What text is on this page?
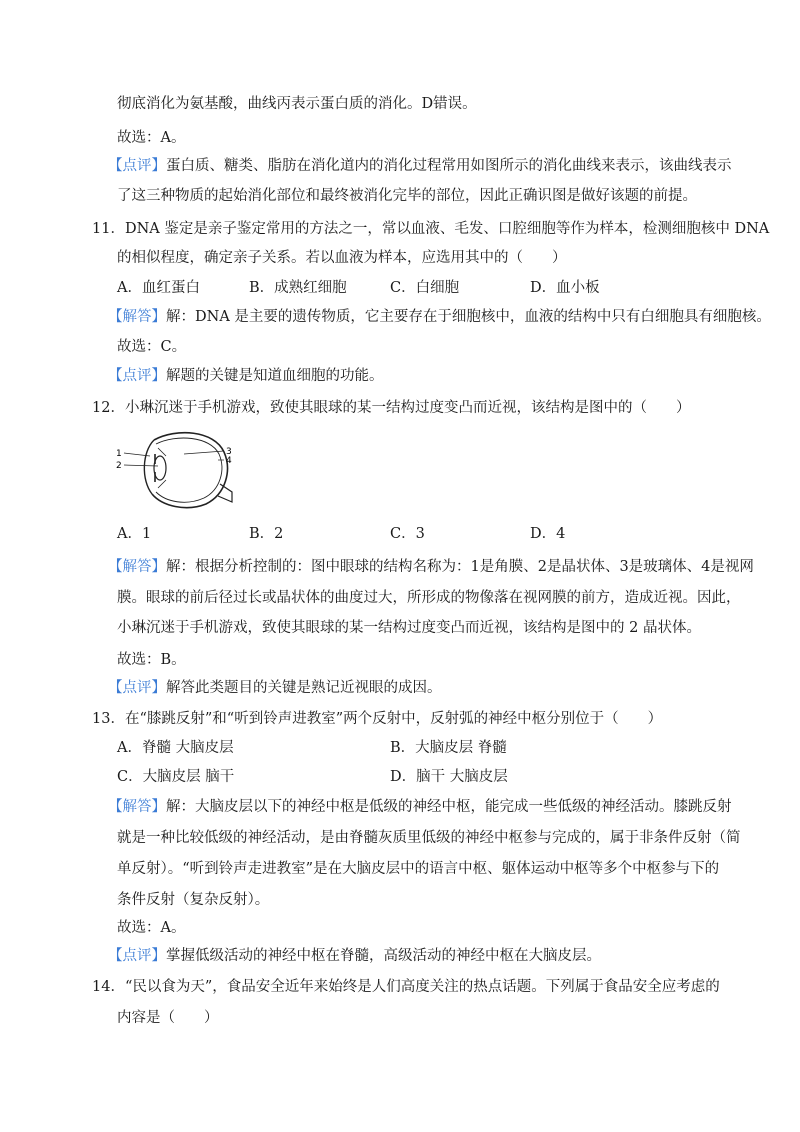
彻底消化为氨基酸，曲线丙表示蛋白质的消化。D错误。
故选：A。
【点评】蛋白质、糖类、脂肪在消化道内的消化过程常用如图所示的消化曲线来表示，该曲线表示
了这三种物质的起始消化部位和最终被消化完毕的部位，因此正确识图是做好该题的前提。
11．DNA 鉴定是亲子鉴定常用的方法之一，常以血液、毛发、口腔细胞等作为样本，检测细胞核中 DNA
的相似程度，确定亲子关系。若以血液为样本，应选用其中的（　　）
A．血红蛋白	B．成熟红细胞	C．白细胞	D．血小板
【解答】解：DNA 是主要的遗传物质，它主要存在于细胞核中，血液的结构中只有白细胞具有细胞核。
故选：C。
【点评】解题的关键是知道血细胞的功能。
12．小琳沉迷于手机游戏，致使其眼球的某一结构过度变凸而近视，该结构是图中的（　　）
1
2
3
4
A．1	B．2	C．3	D．4
【解答】解：根据分析控制的：图中眼球的结构名称为：1是角膜、2是晶状体、3是玻璃体、4是视网
膜。眼球的前后径过长或晶状体的曲度过大，所形成的物像落在视网膜的前方，造成近视。因此，
小琳沉迷于手机游戏，致使其眼球的某一结构过度变凸而近视，该结构是图中的 2 晶状体。
故选：B。
【点评】解答此类题目的关键是熟记近视眼的成因。
13．在“膝跳反射”和“听到铃声进教室”两个反射中，反射弧的神经中枢分别位于（　　）
A．脊髓 大脑皮层	B．大脑皮层 脊髓
C．大脑皮层 脑干	D．脑干 大脑皮层
【解答】解：大脑皮层以下的神经中枢是低级的神经中枢，能完成一些低级的神经活动。膝跳反射
就是一种比较低级的神经活动，是由脊髓灰质里低级的神经中枢参与完成的，属于非条件反射（简
单反射）。“听到铃声走进教室”是在大脑皮层中的语言中枢、躯体运动中枢等多个中枢参与下的
条件反射（复杂反射）。
故选：A。
【点评】掌握低级活动的神经中枢在脊髓，高级活动的神经中枢在大脑皮层。
14．“民以食为天”，食品安全近年来始终是人们高度关注的热点话题。下列属于食品安全应考虑的
内容是（　　）
